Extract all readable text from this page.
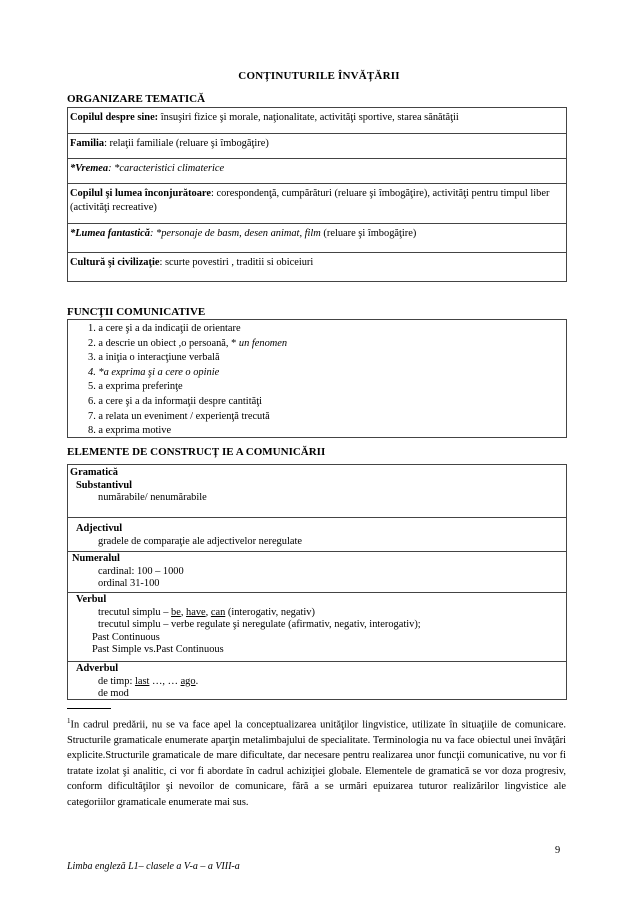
CONȚINUTURILE ÎNVĂȚĂRII
ORGANIZARE TEMATICĂ
Copilul despre sine: însuşiri fizice şi morale, naţionalitate, activităţi sportive, starea sănătăţii
Familia: relaţii familiale (reluare şi îmbogăţire)
*Vremea: *caracteristici climaterice
Copilul şi lumea înconjurătoare: corespondenţă, cumpărături (reluare şi îmbogăţire), activităţi pentru timpul liber (activităţi recreative)
*Lumea fantastică: *personaje de basm, desen animat, film (reluare şi îmbogăţire)
Cultură şi civilizaţie: scurte povestiri , traditii si obiceiuri
FUNCŢII COMUNICATIVE
1. a cere şi a da indicaţii de orientare
2. a descrie un obiect ,o persoană, * un fenomen
3. a iniţia o interacţiune verbală
4. *a exprima şi a cere o opinie
5. a exprima preferinţe
6. a cere şi a da informaţii despre cantităţi
7. a relata un eveniment / experienţă trecută
8. a exprima motive
ELEMENTE DE CONSTRUCȚ IE A COMUNICĂRII
Gramatică
Substantivul
numărabile/ nenumărabile
Adjectivul
gradele de comparaţie ale adjectivelor neregulate
Numeralul
cardinal: 100 – 1000
ordinal 31-100
Verbul
trecutul simplu – be, have, can (interogativ, negativ)
trecutul simplu – verbe regulate şi neregulate (afirmativ, negativ, interogativ);
Past Continuous
Past Simple vs.Past Continuous
Adverbul
de timp: last …, … ago.
de mod
$^1$In cadrul predării, nu se va face apel la conceptualizarea unităţilor lingvistice, utilizate în situaţiile de comunicare. Structurile gramaticale enumerate aparţin metalimbajului de specialitate. Terminologia nu va face obiectul unei învăţări explicite.Structurile gramaticale de mare dificultate, dar necesare pentru realizarea unor funcţii comunicative, nu vor fi tratate izolat şi analitic, ci vor fi abordate în cadrul achiziţiei globale. Elementele de gramatică se vor doza progresiv, conform dificultăţilor şi nevoilor de comunicare, fără a se urmări epuizarea tuturor realizărilor lingvistice ale categoriilor gramaticale enumerate mai sus.
9
Limba engleză L1– clasele a V-a – a VIII-a
